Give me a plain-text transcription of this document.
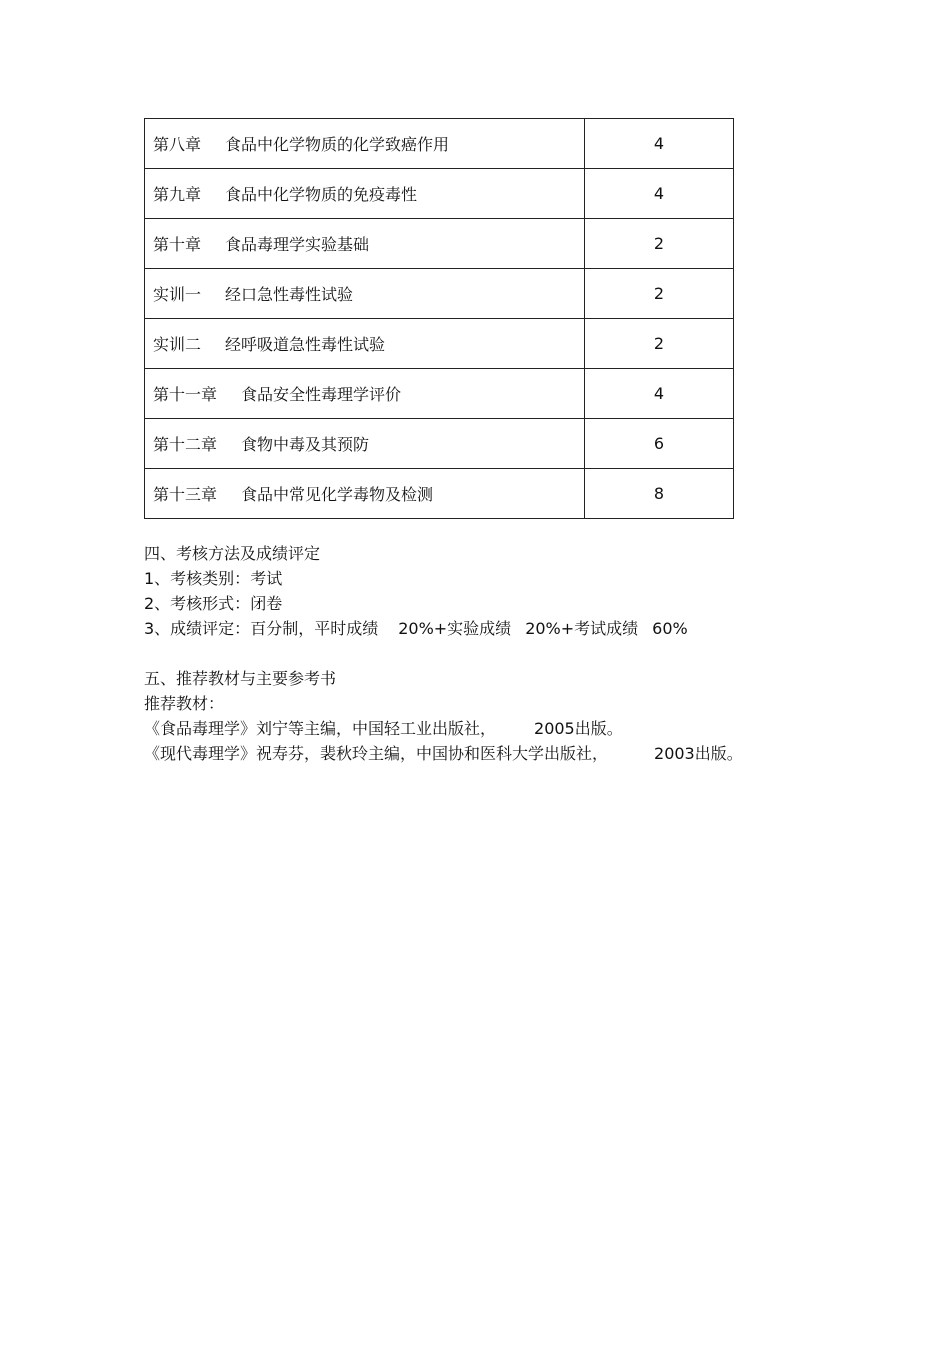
第八章 食品中化学物质的化学致癌作用	4
第九章 食品中化学物质的免疫毒性	4
第十章 食品毒理学实验基础	2
实训一 经口急性毒性试验	2
实训二 经呼吸道急性毒性试验	2
第十一章 食品安全性毒理学评价	4
第十二章 食物中毒及其预防	6
第十三章 食品中常见化学毒物及检测	8
四、考核方法及成绩评定
1、考核类别：考试
2、考核形式：闭卷
3、成绩评定：百分制，平时成绩 20%+实验成绩 20%+考试成绩 60%
五、推荐教材与主要参考书
推荐教材：
《食品毒理学》刘宁等主编，中国轻工业出版社， 2005出版。
《现代毒理学》祝寿芬，裴秋玲主编，中国协和医科大学出版社，	2003出版。
